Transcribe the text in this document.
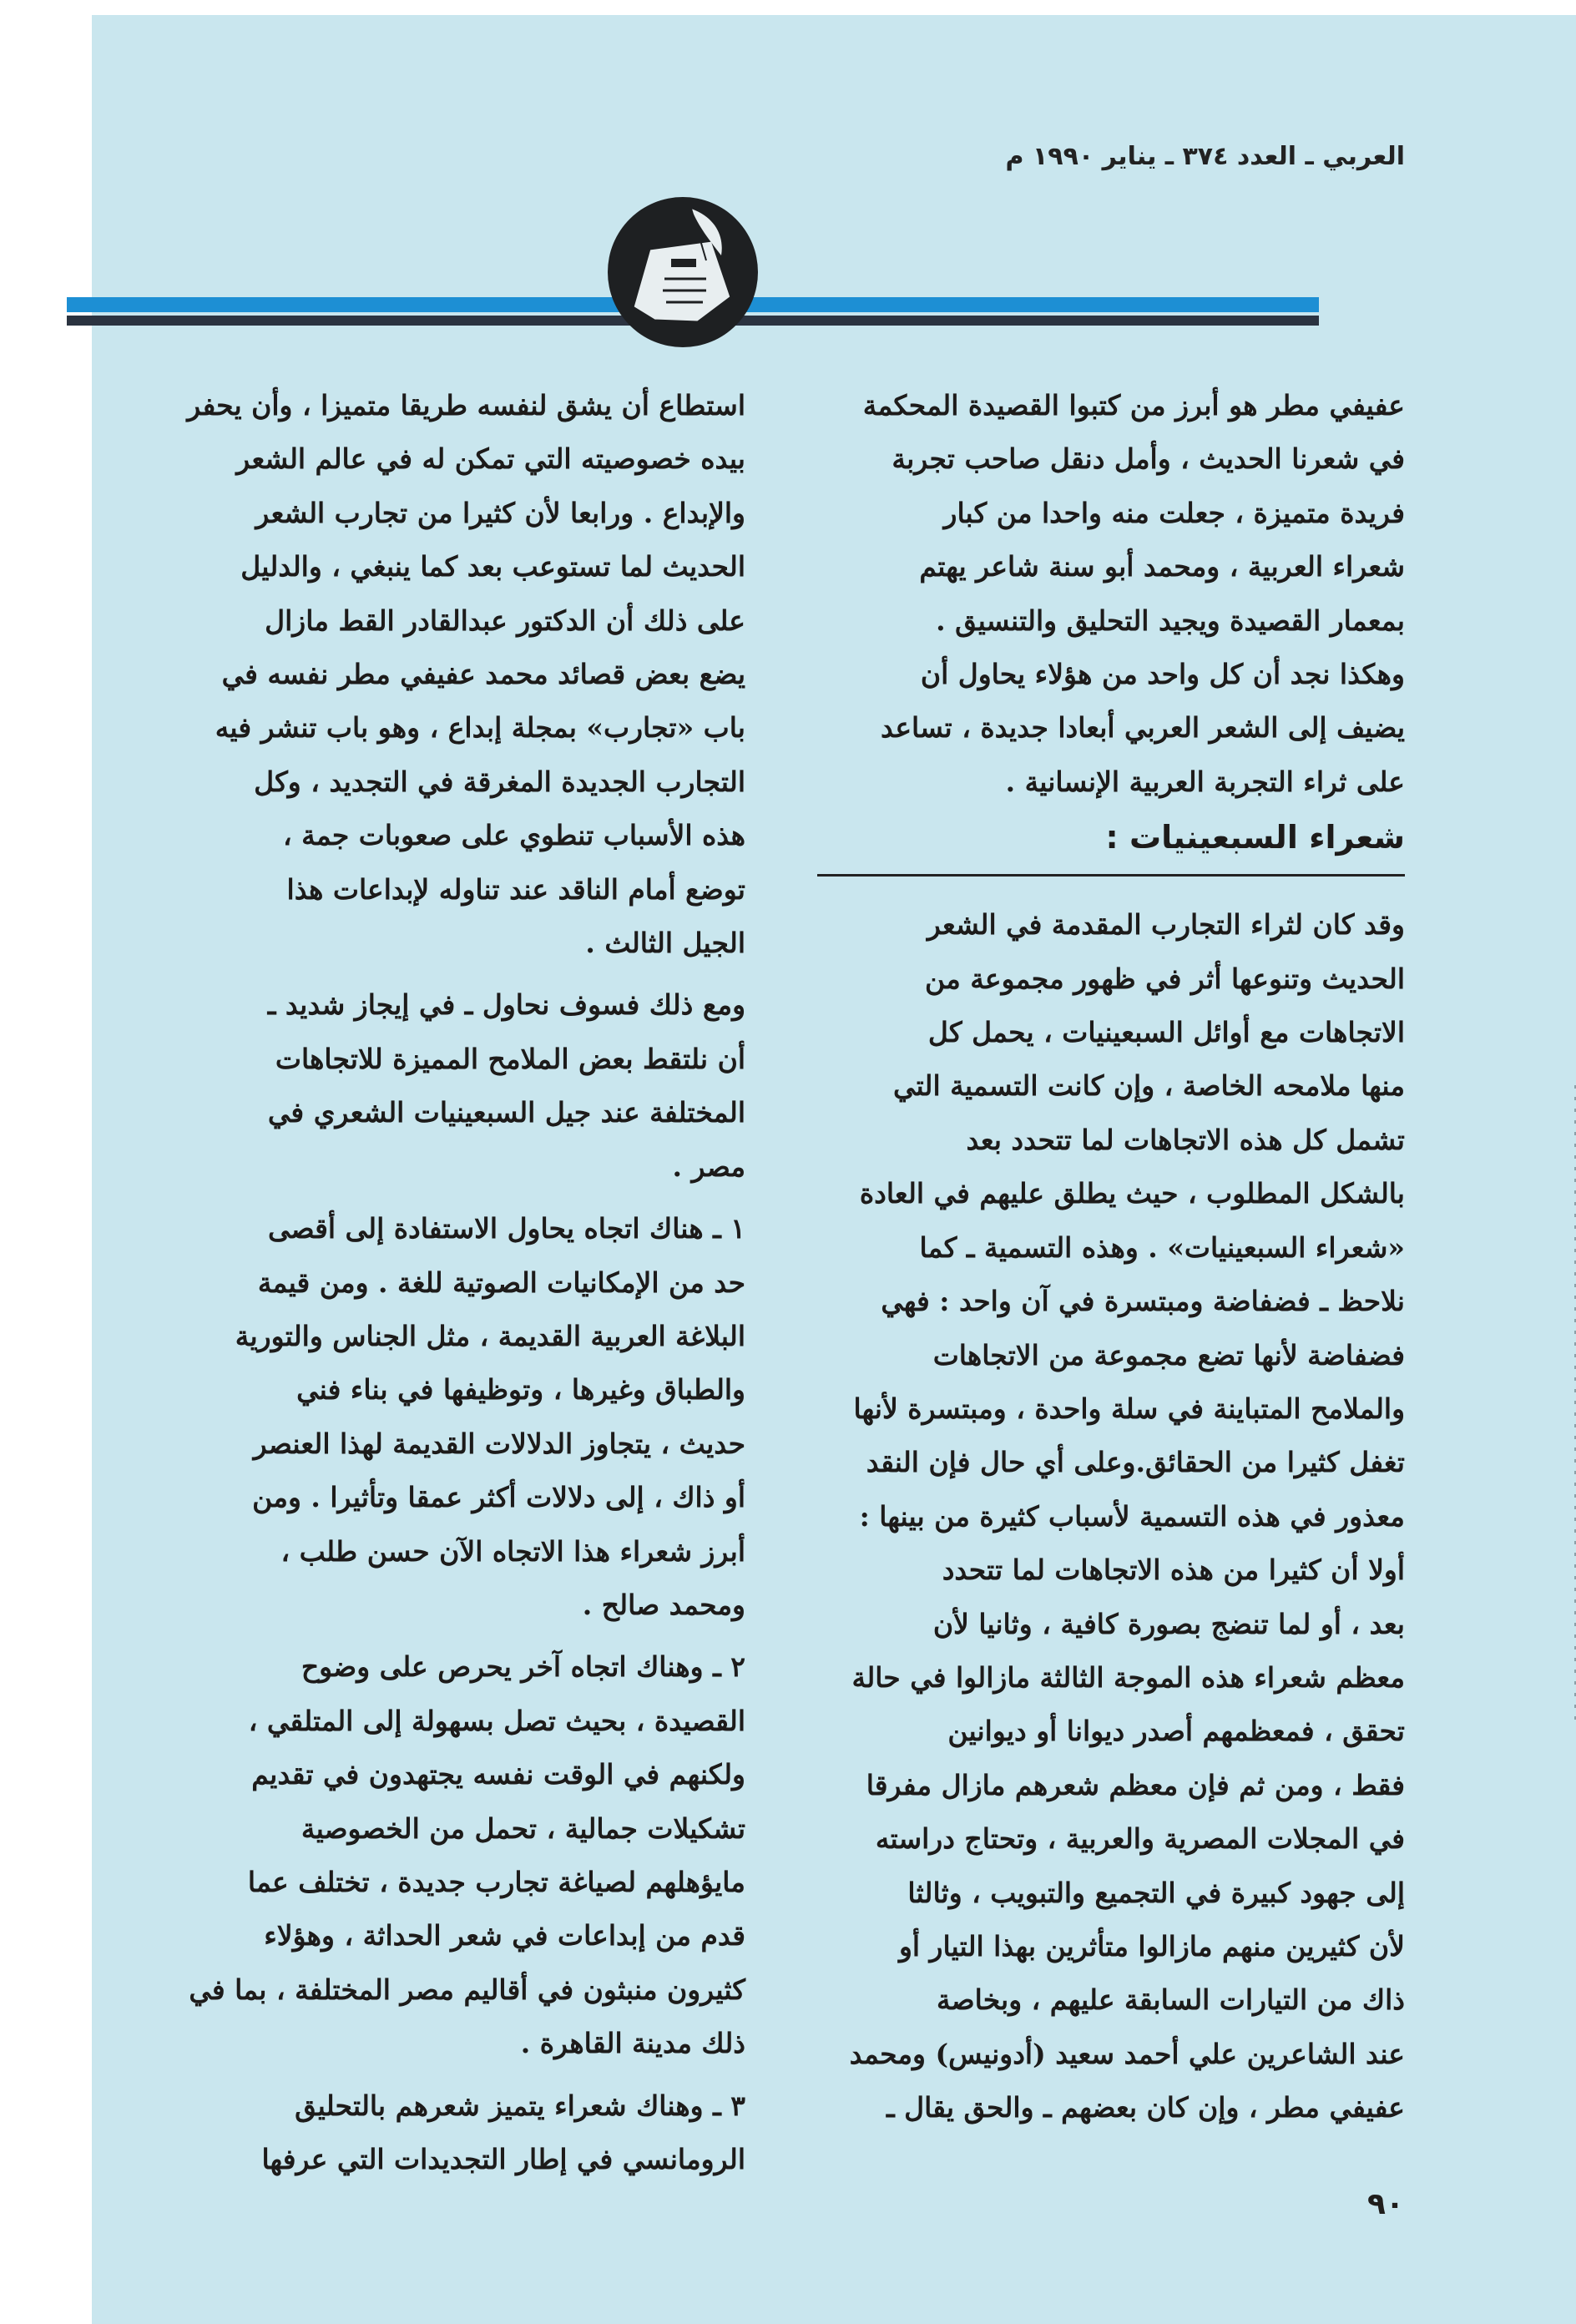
العربي ـ العدد ٣٧٤ ـ يناير ١٩٩٠ م

عفيفي مطر هو أبرز من كتبوا القصيدة المحكمة

في شعرنا الحديث ، وأمل دنقل صاحب تجربة

فريدة متميزة ، جعلت منه واحدا من كبار

شعراء العربية ، ومحمد أبو سنة شاعر يهتم

بمعمار القصيدة ويجيد التحليق والتنسيق .

وهكذا نجد أن كل واحد من هؤلاء يحاول أن

يضيف إلى الشعر العربي أبعادا جديدة ، تساعد

على ثراء التجربة العربية الإنسانية .

شعراء السبعينيات :

وقد كان لثراء التجارب المقدمة في الشعر

الحديث وتنوعها أثر في ظهور مجموعة من

الاتجاهات مع أوائل السبعينيات ، يحمل كل

منها ملامحه الخاصة ، وإن كانت التسمية التي

تشمل كل هذه الاتجاهات لما تتحدد بعد

بالشكل المطلوب ، حيث يطلق عليهم في العادة

«شعراء السبعينيات» . وهذه التسمية ـ كما

نلاحظ ـ فضفاضة ومبتسرة في آن واحد : فهي

فضفاضة لأنها تضع مجموعة من الاتجاهات

والملامح المتباينة في سلة واحدة ، ومبتسرة لأنها

تغفل كثيرا من الحقائق.وعلى أي حال فإن النقد

معذور في هذه التسمية لأسباب كثيرة من بينها :

أولا أن كثيرا من هذه الاتجاهات لما تتحدد

بعد ، أو لما تنضج بصورة كافية ، وثانيا لأن

معظم شعراء هذه الموجة الثالثة مازالوا في حالة

تحقق ، فمعظمهم أصدر ديوانا أو ديوانين

فقط ، ومن ثم فإن معظم شعرهم مازال مفرقا

في المجلات المصرية والعربية ، وتحتاج دراسته

إلى جهود كبيرة في التجميع والتبويب ، وثالثا

لأن كثيرين منهم مازالوا متأثرين بهذا التيار أو

ذاك من التيارات السابقة عليهم ، وبخاصة

عند الشاعرين علي أحمد سعيد (أدونيس) ومحمد

عفيفي مطر ، وإن كان بعضهم ـ والحق يقال ـ

استطاع أن يشق لنفسه طريقا متميزا ، وأن يحفر

بيده خصوصيته التي تمكن له في عالم الشعر

والإبداع . ورابعا لأن كثيرا من تجارب الشعر

الحديث لما تستوعب بعد كما ينبغي ، والدليل

على ذلك أن الدكتور عبدالقادر القط مازال

يضع بعض قصائد محمد عفيفي مطر نفسه في

باب «تجارب» بمجلة إبداع ، وهو باب تنشر فيه

التجارب الجديدة المغرقة في التجديد ، وكل

هذه الأسباب تنطوي على صعوبات جمة ،

توضع أمام الناقد عند تناوله لإبداعات هذا

الجيل الثالث .

ومع ذلك فسوف نحاول ـ في إيجاز شديد ـ

أن نلتقط بعض الملامح المميزة للاتجاهات

المختلفة عند جيل السبعينيات الشعري في

مصر .

١ ـ هناك اتجاه يحاول الاستفادة إلى أقصى

حد من الإمكانيات الصوتية للغة . ومن قيمة

البلاغة العربية القديمة ، مثل الجناس والتورية

والطباق وغيرها ، وتوظيفها في بناء فني

حديث ، يتجاوز الدلالات القديمة لهذا العنصر

أو ذاك ، إلى دلالات أكثر عمقا وتأثيرا . ومن

أبرز شعراء هذا الاتجاه الآن حسن طلب ،

ومحمد صالح .

٢ ـ وهناك اتجاه آخر يحرص على وضوح

القصيدة ، بحيث تصل بسهولة إلى المتلقي ،

ولكنهم في الوقت نفسه يجتهدون في تقديم

تشكيلات جمالية ، تحمل من الخصوصية

مايؤهلهم لصياغة تجارب جديدة ، تختلف عما

قدم من إبداعات في شعر الحداثة ، وهؤلاء

كثيرون منبثون في أقاليم مصر المختلفة ، بما في

ذلك مدينة القاهرة .

٣ ـ وهناك شعراء يتميز شعرهم بالتحليق

الرومانسي في إطار التجديدات التي عرفها

٩٠
